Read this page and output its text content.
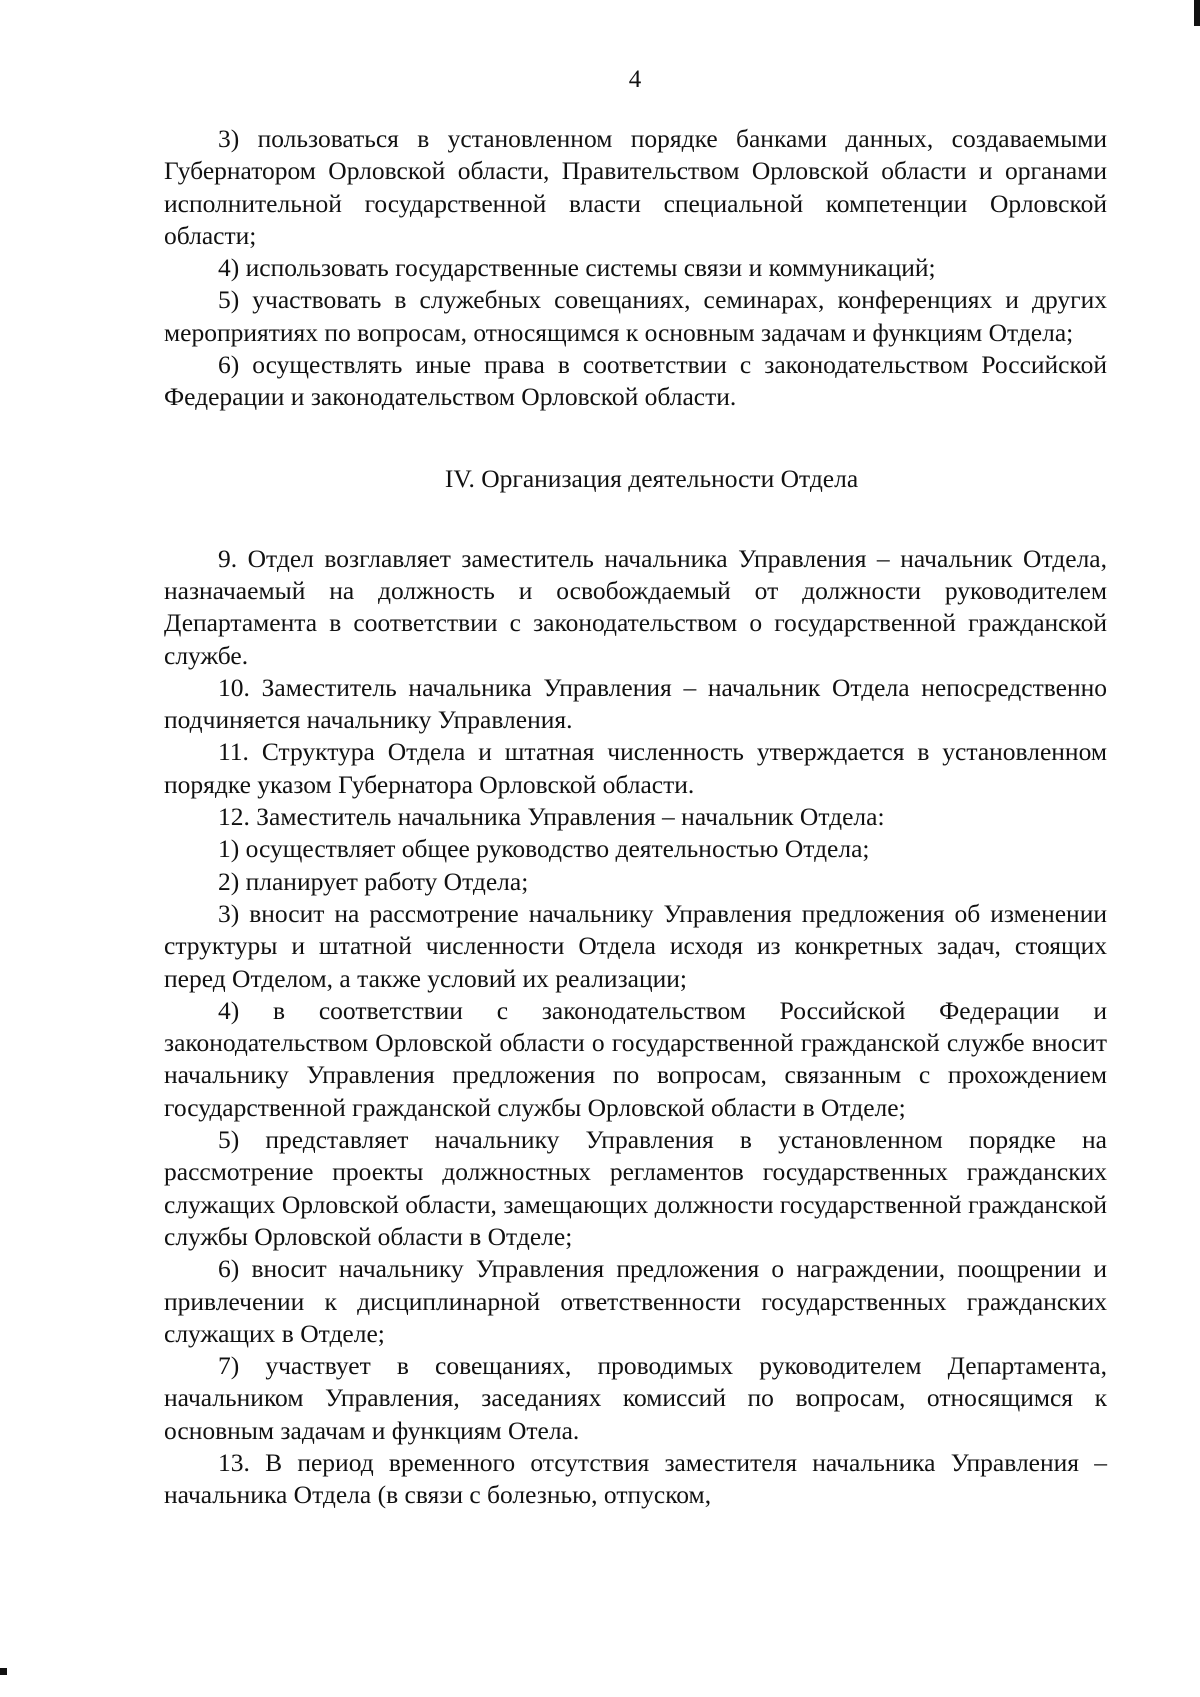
4

3) пользоваться в установленном порядке банками данных, создаваемыми Губернатором Орловской области, Правительством Орловской области и органами исполнительной государственной власти специальной компетенции Орловской области;

4) использовать государственные системы связи и коммуникаций;

5) участвовать в служебных совещаниях, семинарах, конференциях и других мероприятиях по вопросам, относящимся к основным задачам и функциям Отдела;

6) осуществлять иные права в соответствии с законодательством Российской Федерации и законодательством Орловской области.

IV. Организация деятельности Отдела

9. Отдел возглавляет заместитель начальника Управления – начальник Отдела, назначаемый на должность и освобождаемый от должности руководителем Департамента в соответствии с законодательством о государственной гражданской службе.

10. Заместитель начальника Управления – начальник Отдела непосредственно подчиняется начальнику Управления.

11. Структура Отдела и штатная численность утверждается в установленном порядке указом Губернатора Орловской области.

12. Заместитель начальника Управления – начальник Отдела:

1) осуществляет общее руководство деятельностью Отдела;

2) планирует работу Отдела;

3) вносит на рассмотрение начальнику Управления предложения об изменении структуры и штатной численности Отдела исходя из конкретных задач, стоящих перед Отделом, а также условий их реализации;

4) в соответствии с законодательством Российской Федерации и законодательством Орловской области о государственной гражданской службе вносит начальнику Управления предложения по вопросам, связанным с прохождением государственной гражданской службы Орловской области в Отделе;

5) представляет начальнику Управления в установленном порядке на рассмотрение проекты должностных регламентов государственных гражданских служащих Орловской области, замещающих должности государственной гражданской службы Орловской области в Отделе;

6) вносит начальнику Управления предложения о награждении, поощрении и привлечении к дисциплинарной ответственности государственных гражданских служащих в Отделе;

7) участвует в совещаниях, проводимых руководителем Департамента, начальником Управления, заседаниях комиссий по вопросам, относящимся к основным задачам и функциям Отела.

13. В период временного отсутствия заместителя начальника Управления – начальника Отдела (в связи с болезнью, отпуском,
